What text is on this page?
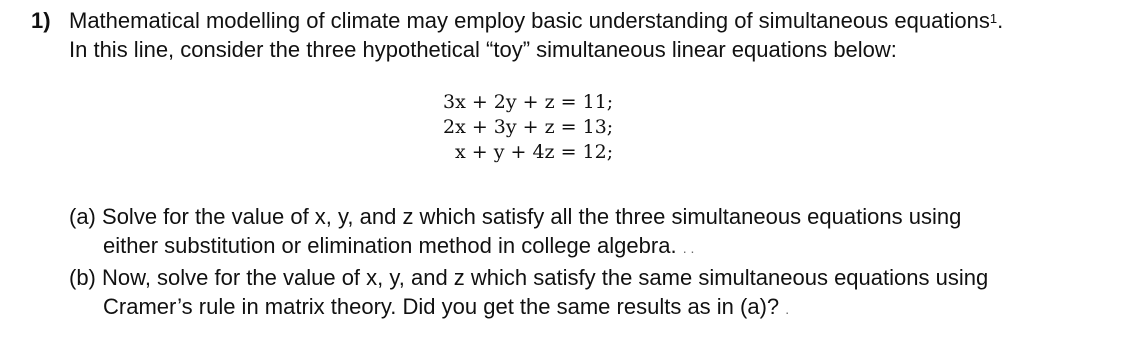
1) Mathematical modelling of climate may employ basic understanding of simultaneous equations$^1$.
In this line, consider the three hypothetical “toy” simultaneous linear equations below:
3x + 2y + z = 11;
2x + 3y + z = 13;
x + y + 4z = 12;
(a) Solve for the value of x, y, and z which satisfy all the three simultaneous equations using
either substitution or elimination method in college algebra. . .
(b) Now, solve for the value of x, y, and z which satisfy the same simultaneous equations using
Cramer’s rule in matrix theory. Did you get the same results as in (a)? .
